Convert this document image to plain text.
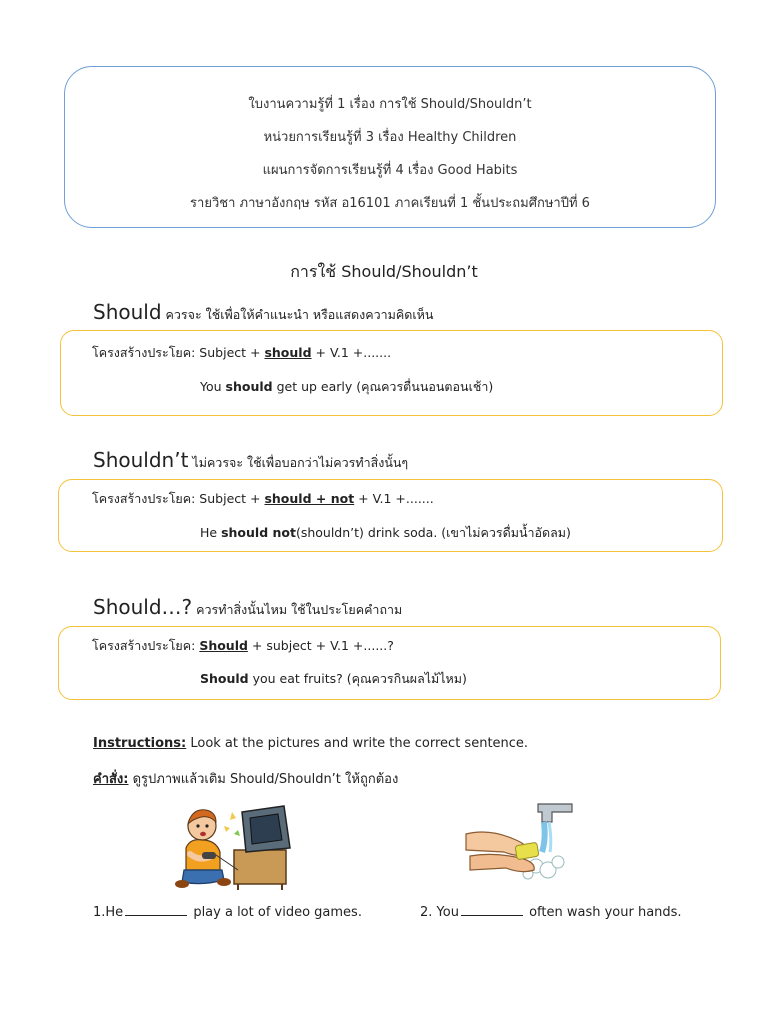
ใบงานความรู้ที่ 1 เรื่อง การใช้ Should/Shouldn’t
หน่วยการเรียนรู้ที่ 3 เรื่อง Healthy Children
แผนการจัดการเรียนรู้ที่ 4 เรื่อง Good Habits
รายวิชา ภาษาอังกฤษ รหัส อ16101 ภาคเรียนที่ 1 ชั้นประถมศึกษาปีที่ 6
การใช้ Should/Shouldn’t
Should ควรจะ ใช้เพื่อให้คำแนะนำ หรือแสดงความคิดเห็น
โครงสร้างประโยค: Subject + should + V.1 +.......
You should get up early (คุณควรตื่นนอนตอนเช้า)
Shouldn’t ไม่ควรจะ ใช้เพื่อบอกว่าไม่ควรทำสิ่งนั้นๆ
โครงสร้างประโยค: Subject + should + not + V.1 +.......
He should not(shouldn’t) drink soda. (เขาไม่ควรดื่มน้ำอัดลม)
Should…? ควรทำสิ่งนั้นไหม ใช้ในประโยคคำถาม
โครงสร้างประโยค: Should + subject + V.1 +......?
Should you eat fruits? (คุณควรกินผลไม้ไหม)
Instructions: Look at the pictures and write the correct sentence.
คำสั่ง: ดูรูปภาพแล้วเติม Should/Shouldn’t ให้ถูกต้อง
1.He	play a lot of video games.	2. You	often wash your hands.
